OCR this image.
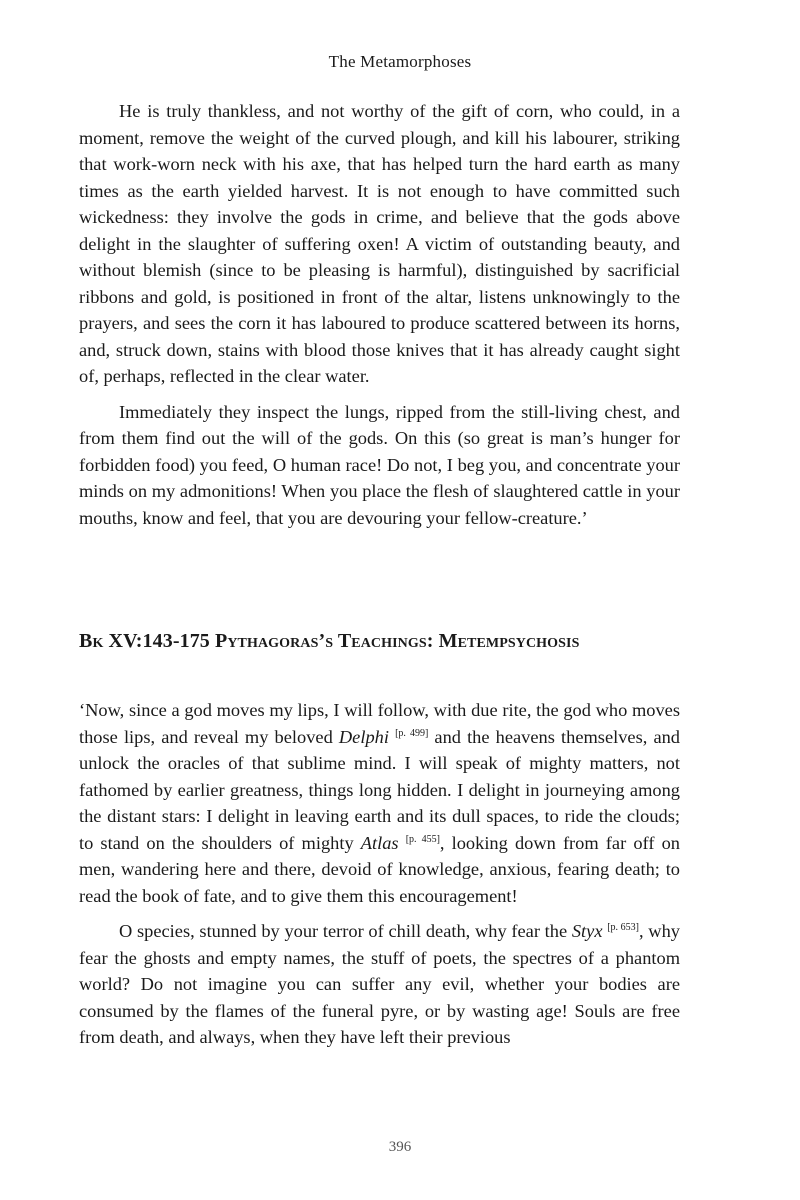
The Metamorphoses

He is truly thankless, and not worthy of the gift of corn, who could, in a moment, remove the weight of the curved plough, and kill his labourer, striking that work-worn neck with his axe, that has helped turn the hard earth as many times as the earth yielded harvest. It is not enough to have committed such wickedness: they involve the gods in crime, and believe that the gods above delight in the slaughter of suffering oxen! A victim of outstanding beauty, and without blemish (since to be pleasing is harmful), distinguished by sacrificial ribbons and gold, is positioned in front of the altar, listens unknowingly to the prayers, and sees the corn it has laboured to produce scattered between its horns, and, struck down, stains with blood those knives that it has already caught sight of, perhaps, reflected in the clear water.

Immediately they inspect the lungs, ripped from the still-living chest, and from them find out the will of the gods. On this (so great is man’s hunger for forbidden food) you feed, O human race! Do not, I beg you, and concentrate your minds on my admonitions! When you place the flesh of slaughtered cattle in your mouths, know and feel, that you are devouring your fellow-creature.’

Bk XV:143-175 Pythagoras’s Teachings: Metempsychosis

‘Now, since a god moves my lips, I will follow, with due rite, the god who moves those lips, and reveal my beloved Delphi [p. 499] and the heavens themselves, and unlock the oracles of that sublime mind. I will speak of mighty matters, not fathomed by earlier greatness, things long hidden. I delight in journeying among the distant stars: I delight in leaving earth and its dull spaces, to ride the clouds; to stand on the shoulders of mighty Atlas [p. 455], looking down from far off on men, wandering here and there, devoid of knowledge, anxious, fearing death; to read the book of fate, and to give them this encouragement!

O species, stunned by your terror of chill death, why fear the Styx [p. 653], why fear the ghosts and empty names, the stuff of poets, the spectres of a phantom world? Do not imagine you can suffer any evil, whether your bodies are consumed by the flames of the funeral pyre, or by wasting age! Souls are free from death, and always, when they have left their previous

396
